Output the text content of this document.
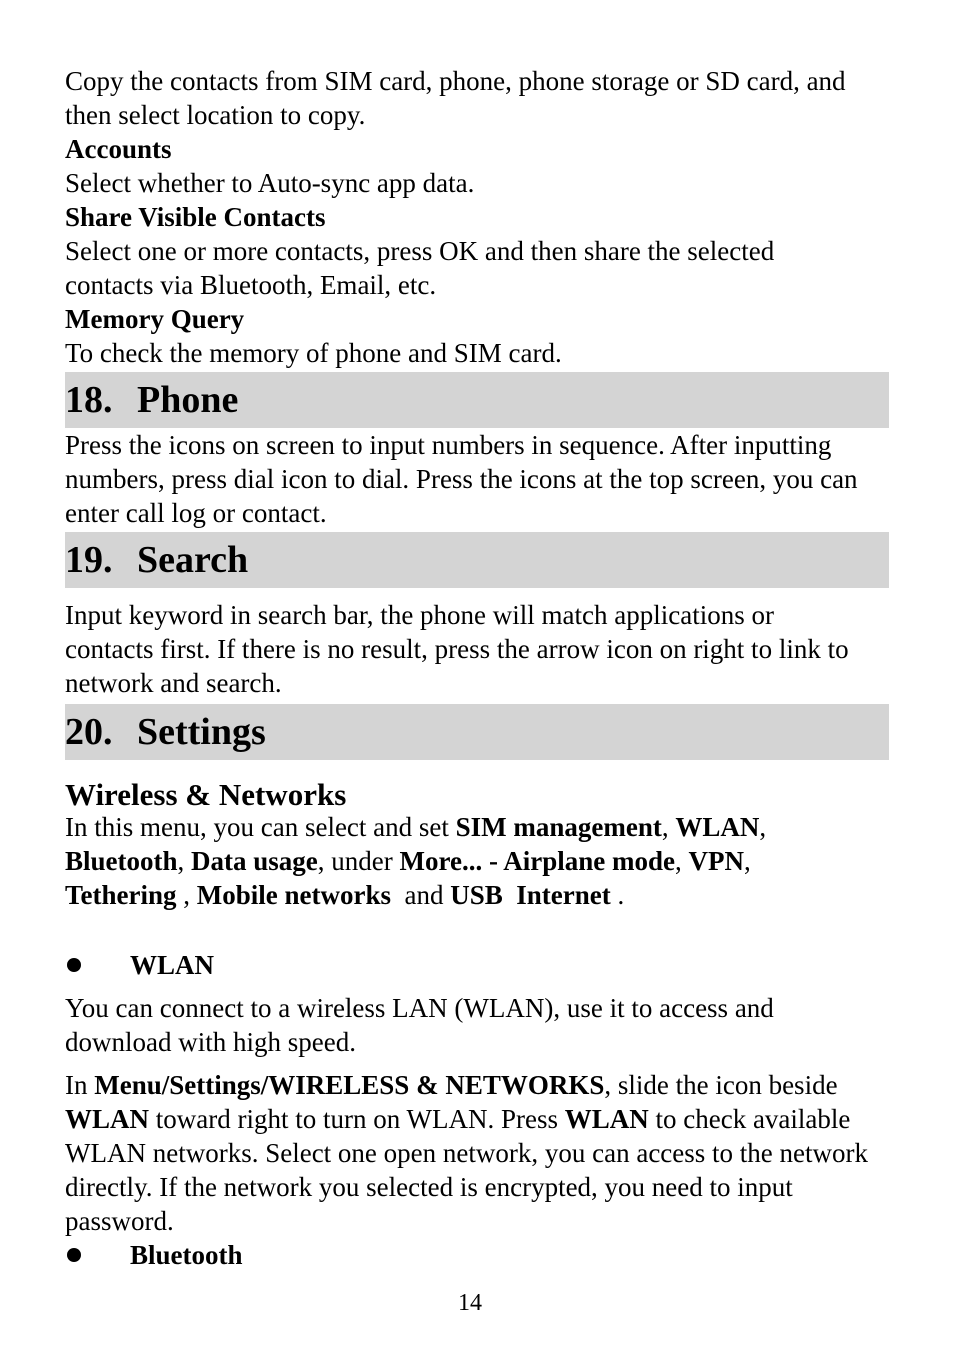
Copy the contacts from SIM card, phone, phone storage or SD card, and then select location to copy.

Accounts

Select whether to Auto-sync app data.

Share Visible Contacts

Select one or more contacts, press OK and then share the selected contacts via Bluetooth, Email, etc.

Memory Query

To check the memory of phone and SIM card.

18. Phone

Press the icons on screen to input numbers in sequence. After inputting numbers, press dial icon to dial. Press the icons at the top screen, you can enter call log or contact.

19. Search

Input keyword in search bar, the phone will match applications or contacts first. If there is no result, press the arrow icon on right to link to network and search.

20. Settings

Wireless & Networks

In this menu, you can select and set SIM management, WLAN,
Bluetooth, Data usage, under More... - Airplane mode, VPN,
Tethering , Mobile networks  and USB  Internet .

WLAN

You can connect to a wireless LAN (WLAN), use it to access and download with high speed.

In Menu/Settings/WIRELESS & NETWORKS, slide the icon beside WLAN toward right to turn on WLAN. Press WLAN to check available WLAN networks. Select one open network, you can access to the network directly. If the network you selected is encrypted, you need to input password.

Bluetooth
14
